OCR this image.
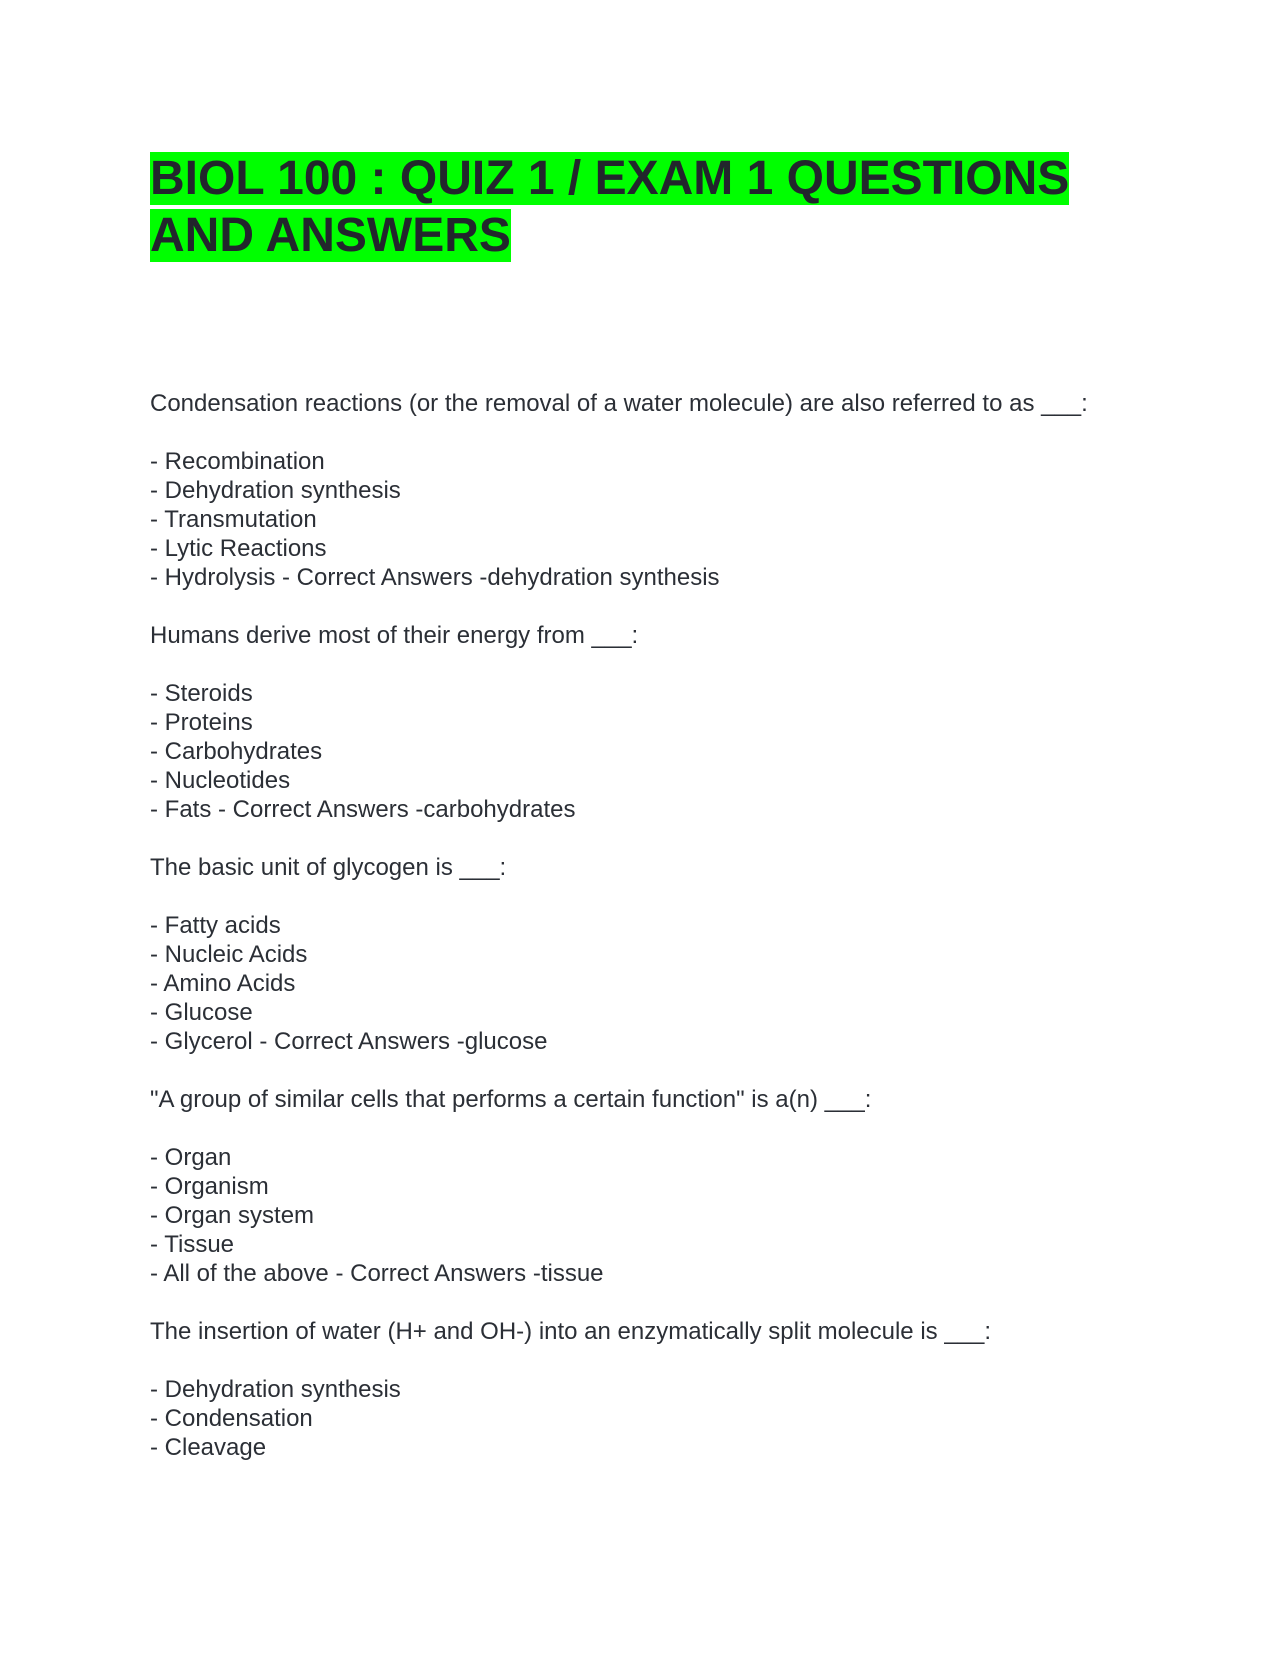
BIOL 100 : QUIZ 1 / EXAM 1 QUESTIONS AND ANSWERS

Condensation reactions (or the removal of a water molecule) are also referred to as ___:

- Recombination
- Dehydration synthesis
- Transmutation
- Lytic Reactions
- Hydrolysis - Correct Answers -dehydration synthesis

Humans derive most of their energy from ___:

- Steroids
- Proteins
- Carbohydrates
- Nucleotides
- Fats - Correct Answers -carbohydrates

The basic unit of glycogen is ___:

- Fatty acids
- Nucleic Acids
- Amino Acids
- Glucose
- Glycerol - Correct Answers -glucose

"A group of similar cells that performs a certain function" is a(n) ___:

- Organ
- Organism
- Organ system
- Tissue
- All of the above - Correct Answers -tissue

The insertion of water (H+ and OH-) into an enzymatically split molecule is ___:

- Dehydration synthesis
- Condensation
- Cleavage
